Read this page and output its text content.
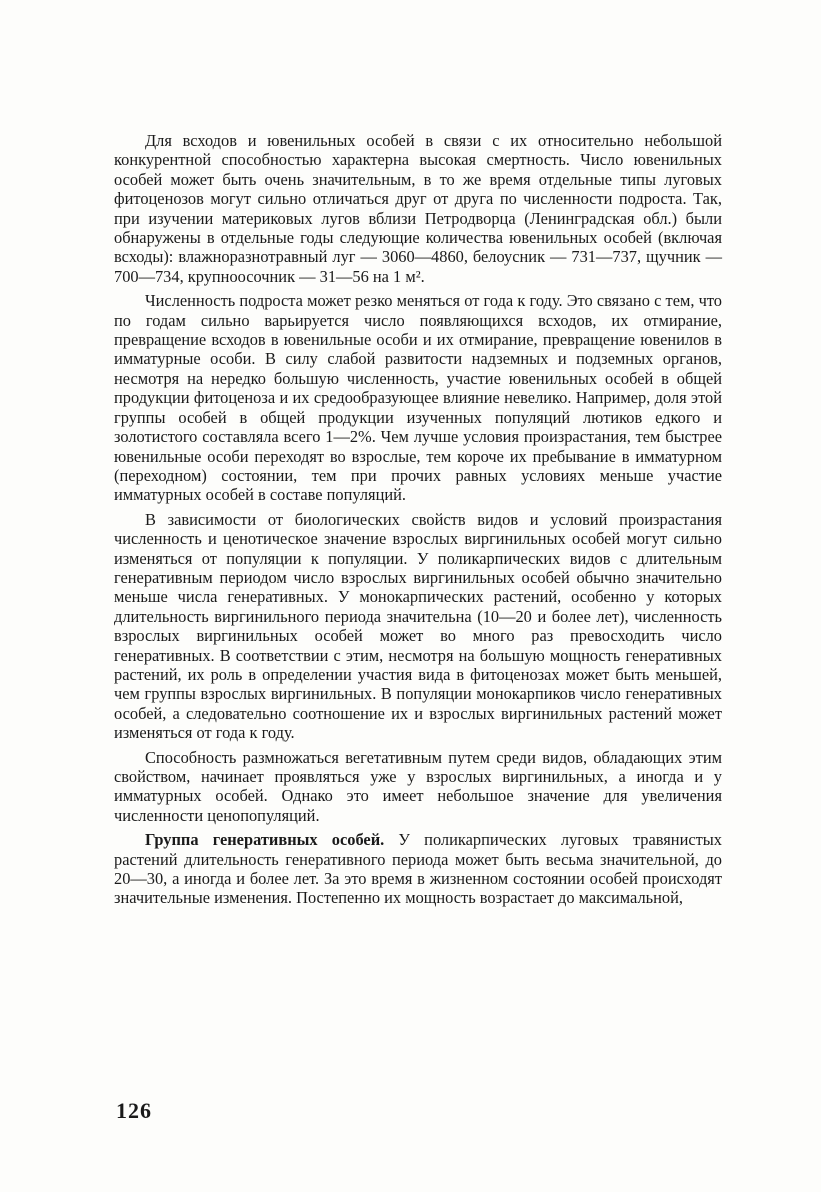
Для всходов и ювенильных особей в связи с их относительно небольшой конкурентной способностью характерна высокая смертность. Число ювенильных особей может быть очень значительным, в то же время отдельные типы луговых фитоценозов могут сильно отличаться друг от друга по численности подроста. Так, при изучении материковых лугов вблизи Петродворца (Ленинградская обл.) были обнаружены в отдельные годы следующие количества ювенильных особей (включая всходы): влажноразнотравный луг — 3060—4860, белоусник — 731—737, щучник — 700—734, крупноосочник — 31—56 на 1 м².

Численность подроста может резко меняться от года к году. Это связано с тем, что по годам сильно варьируется число появляющихся всходов, их отмирание, превращение всходов в ювенильные особи и их отмирание, превращение ювенилов в имматурные особи. В силу слабой развитости надземных и подземных органов, несмотря на нередко большую численность, участие ювенильных особей в общей продукции фитоценоза и их средообразующее влияние невелико. Например, доля этой группы особей в общей продукции изученных популяций лютиков едкого и золотистого составляла всего 1—2%. Чем лучше условия произрастания, тем быстрее ювенильные особи переходят во взрослые, тем короче их пребывание в имматурном (переходном) состоянии, тем при прочих равных условиях меньше участие имматурных особей в составе популяций.

В зависимости от биологических свойств видов и условий произрастания численность и ценотическое значение взрослых виргинильных особей могут сильно изменяться от популяции к популяции. У поликарпических видов с длительным генеративным периодом число взрослых виргинильных особей обычно значительно меньше числа генеративных. У монокарпических растений, особенно у которых длительность виргинильного периода значительна (10—20 и более лет), численность взрослых виргинильных особей может во много раз превосходить число генеративных. В соответствии с этим, несмотря на большую мощность генеративных растений, их роль в определении участия вида в фитоценозах может быть меньшей, чем группы взрослых виргинильных. В популяции монокарпиков число генеративных особей, а следовательно соотношение их и взрослых виргинильных растений может изменяться от года к году.

Способность размножаться вегетативным путем среди видов, обладающих этим свойством, начинает проявляться уже у взрослых виргинильных, а иногда и у имматурных особей. Однако это имеет небольшое значение для увеличения численности ценопопуляций.

Группа генеративных особей. У поликарпических луговых травянистых растений длительность генеративного периода может быть весьма значительной, до 20—30, а иногда и более лет. За это время в жизненном состоянии особей происходят значительные изменения. Постепенно их мощность возрастает до максимальной,

126
